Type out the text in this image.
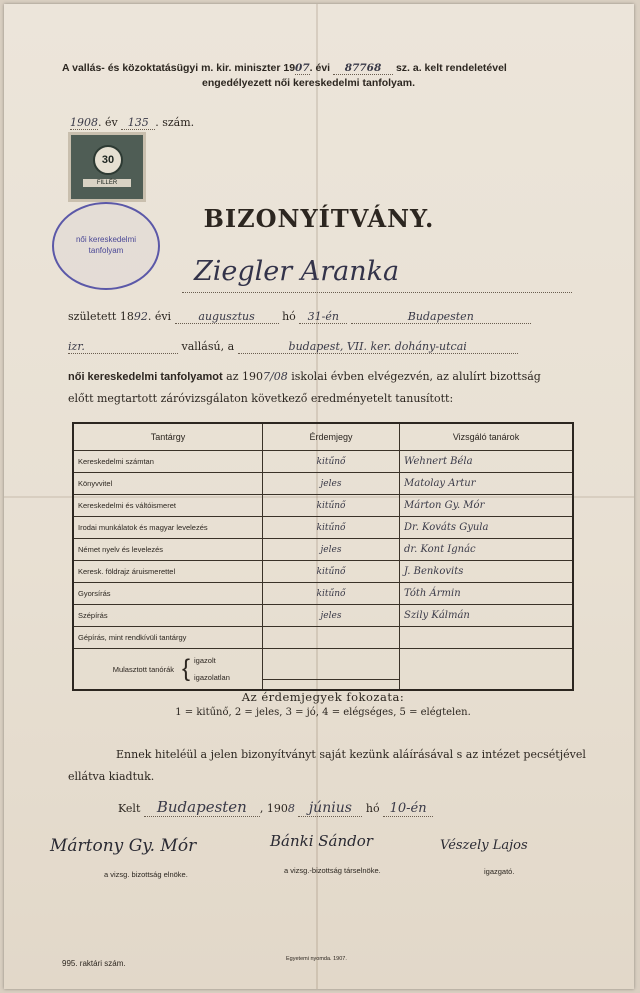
A vallás- és közoktatásügyi m. kir. miniszter 1907. évi 87768 sz. a. kelt rendeletével
engedélyezett női kereskedelmi tanfolyam.
1908. év 135 . szám.
30
FILLÉR
női kereskedelmi tanfolyam
BIZONYÍTVÁNY.
Ziegler Aranka
született 1892. évi augusztus hó 31-én	Budapesten
izr.	vallású, a	budapest, VII. ker. dohány-utcai
női kereskedelmi tanfolyamot az 1907/08 iskolai évben elvégezvén, az alulírt bizottság
előtt megtartott záróvizsgálaton következő eredményetelt tanusított:
Tantárgy	Érdemjegy	Vizsgáló tanárok
Kereskedelmi számtan	kitűnő	Wehnert Béla
Könyvvitel	jeles	Matolay Artur
Kereskedelmi és váltóismeret	kitűnő	Márton Gy. Mór
Irodai munkálatok és magyar levelezés	kitűnő	Dr. Kováts Gyula
Német nyelv és levelezés	jeles	dr. Kont Ignác
Keresk. földrajz áruismerettel	kitűnő	J. Benkovits
Gyorsírás	kitűnő	Tóth Ármin
Szépírás	jeles	Szily Kálmán
Gépírás, mint rendkívüli tantárgy		

Mulasztott tanórák { igazolt
igazolatlan		

Az érdemjegyek fokozata:
1 = kitűnő, 2 = jeles, 3 = jó, 4 = elégséges, 5 = elégtelen.
Ennek hiteléül a jelen bizonyítványt saját kezünk aláírásával s az intézet pecsétjével
ellátva kiadtuk.
Kelt Budapesten , 1908 június hó 10-én
Mártony Gy. Mór
a vizsg. bizottság elnöke.
Bánki Sándor
a vizsg.-bizottság társelnöke.
Vészely Lajos
igazgató.
995. raktári szám.	Egyetemi nyomda. 1907.
